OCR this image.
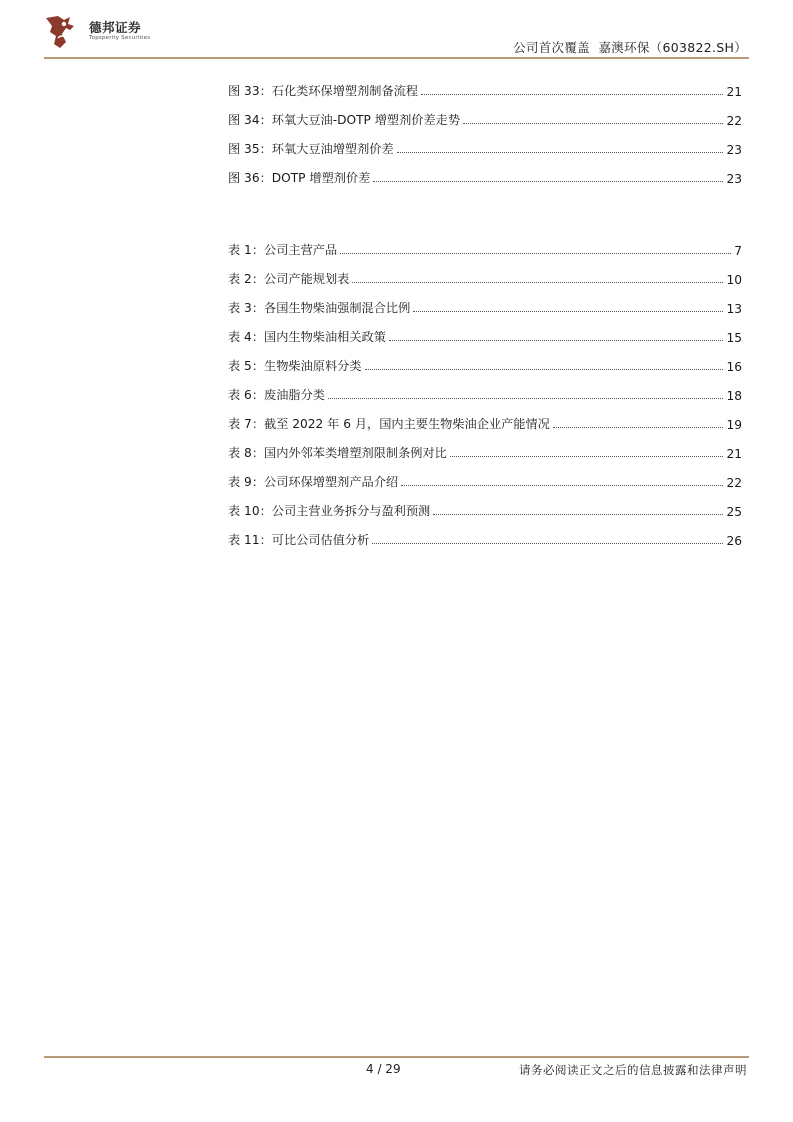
德邦证券
Topsperity Securities
公司首次覆盖  嘉澳环保（603822.SH）
图 33：石化类环保增塑剂制备流程	21
图 34：环氧大豆油-DOTP 增塑剂价差走势	22
图 35：环氧大豆油增塑剂价差	23
图 36：DOTP 增塑剂价差	23
表 1：公司主营产品	7
表 2：公司产能规划表	10
表 3：各国生物柴油强制混合比例	13
表 4：国内生物柴油相关政策	15
表 5：生物柴油原料分类	16
表 6：废油脂分类	18
表 7：截至 2022 年 6 月，国内主要生物柴油企业产能情况	19
表 8：国内外邻苯类增塑剂限制条例对比	21
表 9：公司环保增塑剂产品介绍	22
表 10：公司主营业务拆分与盈利预测	25
表 11：可比公司估值分析	26
4 / 29	请务必阅读正文之后的信息披露和法律声明
